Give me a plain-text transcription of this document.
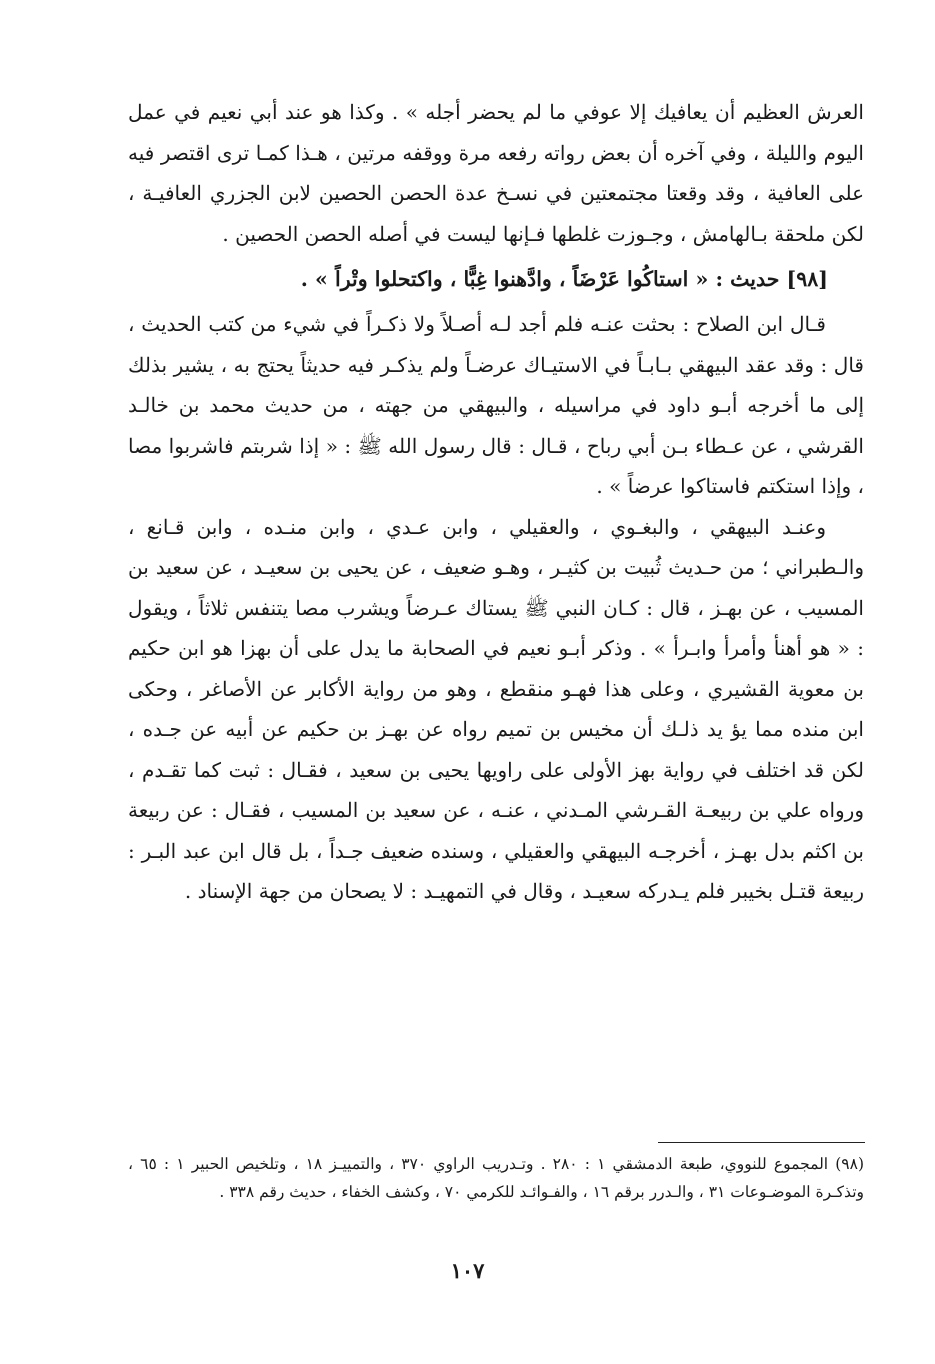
العرش العظيم أن يعافيك إلا عوفي ما لم يحضر أجله » . وكذا هو عند أبي نعيم في عمل اليوم والليلة ، وفي آخره أن بعض رواته رفعه مرة ووقفه مرتين ، هـذا كمـا ترى اقتصر فيه على العافية ، وقد وقعتا مجتمعتين في نسـخ عدة الحصن الحصين لابن الجزري العافيـة ، لكن ملحقة بـالهامش ، وجـوزت غلطها فـإنها ليست في أصله الحصن الحصين .

[٩٨] حديث : « استاكُوا عَرْضَاً ، وادَّهنوا غِبًّا ، واكتحلوا وتْراً » .

قـال ابن الصلاح : بحثت عنـه فلم أجد لـه أصـلاً ولا ذكـراً في شيء من كتب الحديث ، قال : وقد عقد البيهقي بـابـاً في الاستيـاك عرضـاً ولم يذكـر فيه حديثاً يحتج به ، يشير بذلك إلى ما أخرجه أبـو داود في مراسيله ، والبيهقي من جهته ، من حديث محمد بن خالـد القرشي ، عن عـطاء بـن أبي رباح ، قـال : قال رسول الله ﷺ : « إذا شربتم فاشربوا مصا ، وإذا استكتم فاستاكوا عرضاً » .

وعنـد البيهقي ، والبغـوي ، والعقيلي ، وابن عـدي ، وابن منـده ، وابن قـانع ، والـطبراني ؛ من حـديث ثُبيت بن كثيـر ، وهـو ضعيف ، عن يحيى بن سعيـد ، عن سعيد بن المسيب ، عن بهـز ، قال : كـان النبي ﷺ يستاك عـرضاً ويشرب مصا يتنفس ثلاثاً ، ويقول : « هو أهنأ وأمرأ وابـرأ » . وذكر أبـو نعيم في الصحابة ما يدل على أن بهزا هو ابن حكيم بن معوية القشيري ، وعلى هذا فهـو منقطع ، وهو من رواية الأكابر عن الأصاغر ، وحكى ابن منده مما يؤ يد ذلـك أن مخيس بن تميم رواه عن بهـز بن حكيم عن أبيه عن جـده ، لكن قد اختلف في رواية بهز الأولى على راويها يحيى بن سعيد ، فقـال : ثبت كما تقـدم ، ورواه علي بن ربيعـة القـرشي المـدني ، عنـه ، عن سعيد بن المسيب ، فقـال : عن ربيعة بن اكثم بدل بهـز ، أخرجـه البيهقي والعقيلي ، وسنده ضعيف جـداً ، بل قال ابن عبد البـر : ربيعة قتـل بخيبر فلم يـدركه سعيـد ، وقال في التمهيـد : لا يصحان من جهة الإسناد .

(٩٨) المجموع للنووي، طبعة الدمشقي ١ : ٢٨٠ . وتـدريب الراوي ٣٧٠ ، والتمييـز ١٨ ، وتلخيص الحبير ١ : ٦٥ ، وتذكـرة الموضـوعات ٣١ ، والـدرر برقم ١٦ ، والفـوائـد للكرمي ٧٠ ، وكشف الخفاء ، حديث رقم ٣٣٨ .

١٠٧
